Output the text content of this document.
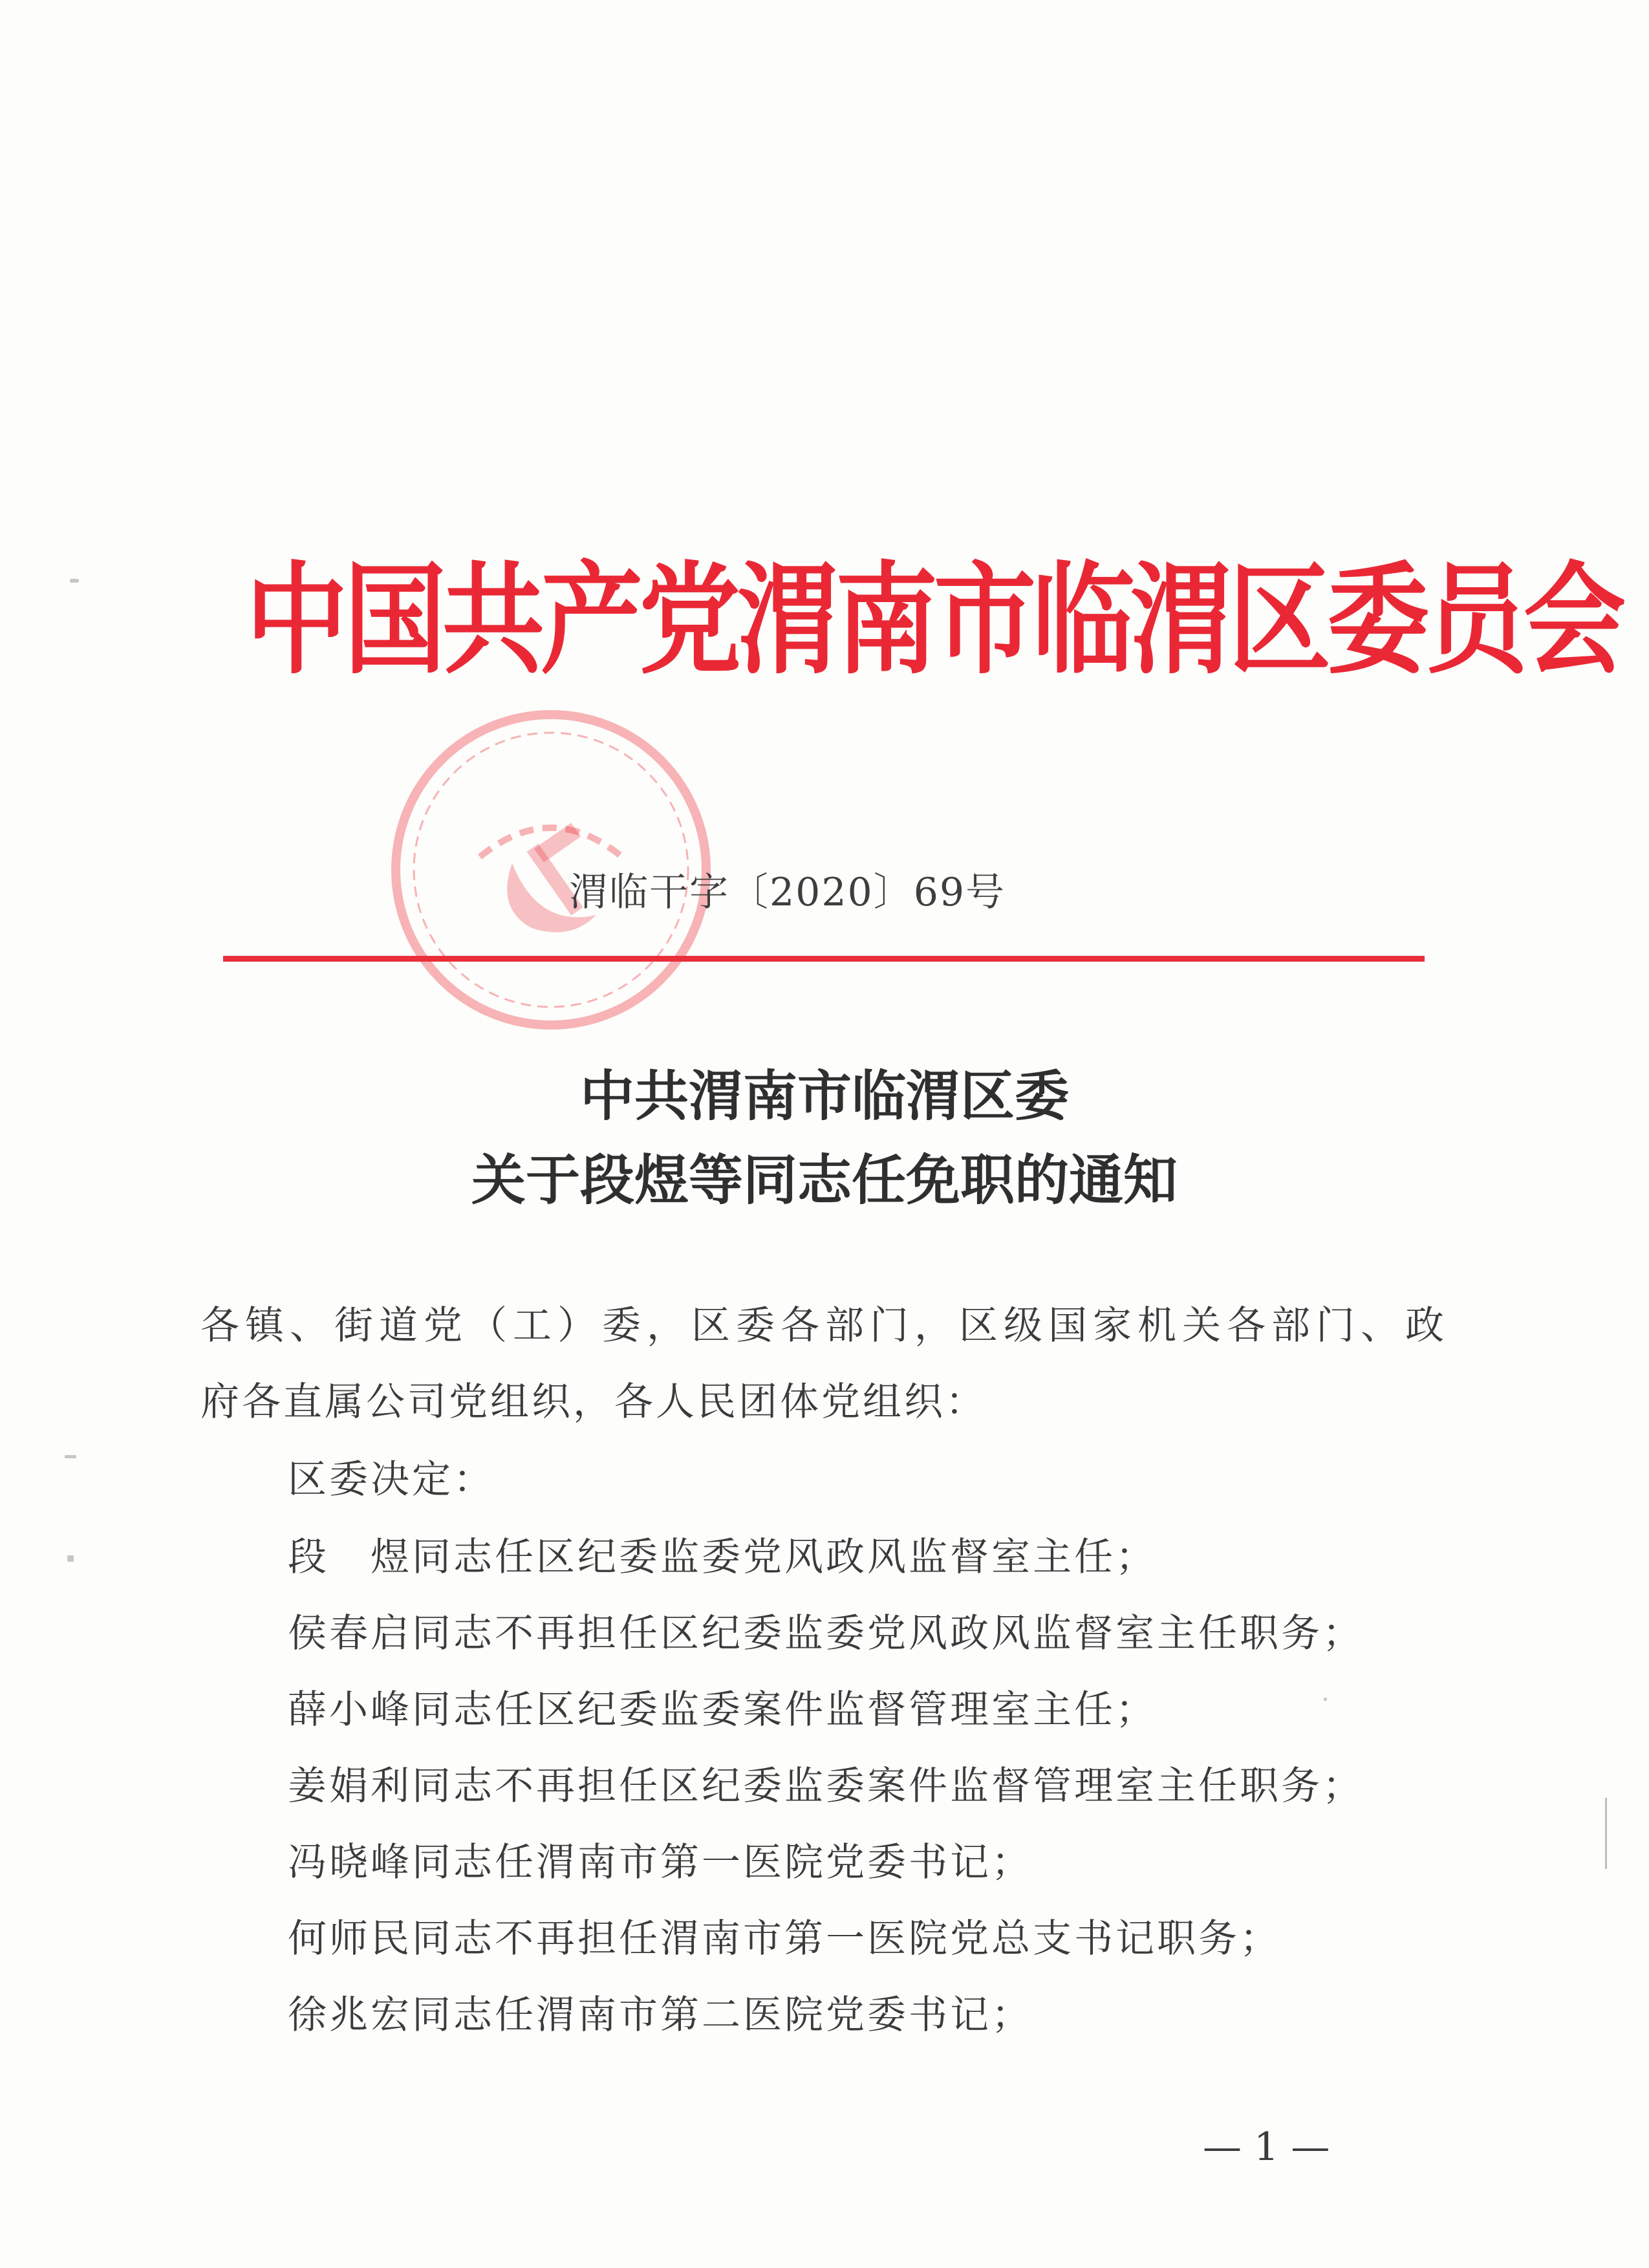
中国共产党渭南市临渭区委员会
渭临干字〔2020〕69号
中共渭南市临渭区委
关于段煜等同志任免职的通知
各镇、街道党（工）委，区委各部门，区级国家机关各部门、政
府各直属公司党组织，各人民团体党组织：
区委决定：
段　煜同志任区纪委监委党风政风监督室主任；
侯春启同志不再担任区纪委监委党风政风监督室主任职务；
薛小峰同志任区纪委监委案件监督管理室主任；
姜娟利同志不再担任区纪委监委案件监督管理室主任职务；
冯晓峰同志任渭南市第一医院党委书记；
何师民同志不再担任渭南市第一医院党总支书记职务；
徐兆宏同志任渭南市第二医院党委书记；
— 1 —
